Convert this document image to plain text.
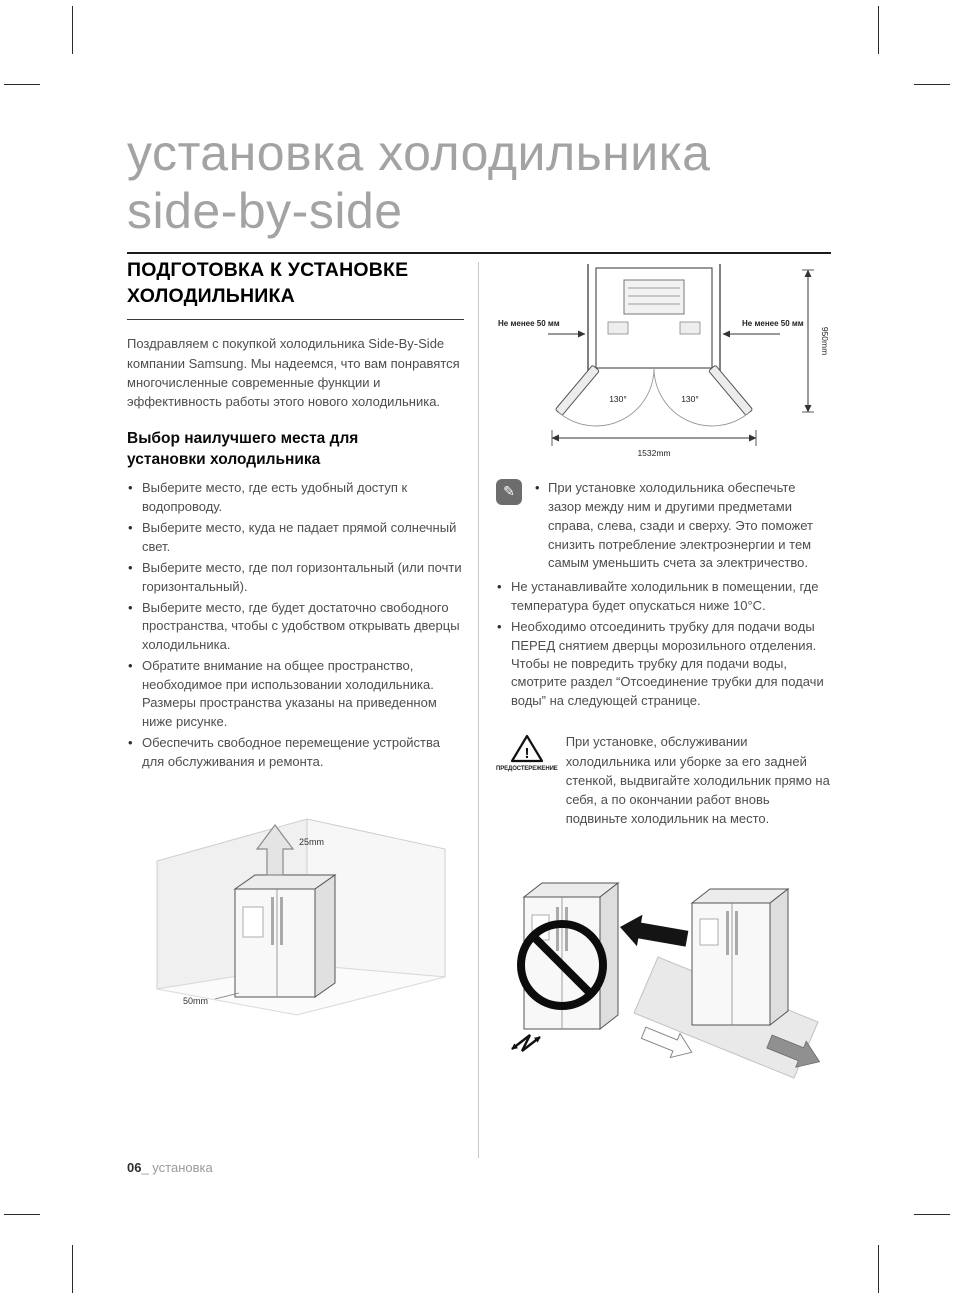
установка холодильника
side-by-side
ПОДГОТОВКА К УСТАНОВКЕ ХОЛОДИЛЬНИКА

Поздравляем с покупкой холодильника Side-By-Side компании Samsung. Мы надеемся, что вам понравятся многочисленные современные функции и эффективность работы этого нового холодильника.

Выбор наилучшего места для установки холодильника
• Выберите место, где есть удобный доступ к водопроводу.
• Выберите место, куда не падает прямой солнечный свет.
• Выберите место, где пол горизонтальный (или почти горизонтальный).
• Выберите место, где будет достаточно свободного пространства, чтобы с удобством открывать дверцы холодильника.
• Обратите внимание на общее пространство, необходимое при использовании холодильника. Размеры пространства указаны на приведенном ниже рисунке.
• Обеспечить свободное перемещение устройства для обслуживания и ремонта.
25mm
50mm
Не менее 50 мм	Не менее 50 мм
130°	130°
1532mm
950mm
✎	• При установке холодильника обеспечьте зазор между ним и другими предметами справа, слева, сзади и сверху. Это поможет снизить потребление электроэнергии и тем самым уменьшить счета за электричество.
• Не устанавливайте холодильник в помещении, где температура будет опускаться ниже 10°C.
• Необходимо отсоединить трубку для подачи воды ПЕРЕД снятием дверцы морозильного отделения. Чтобы не повредить трубку для подачи воды, смотрите раздел “Отсоединение трубки для подачи воды” на следующей странице.
!
ПРЕДОСТЕРЕЖЕНИЕ

При установке, обслуживании холодильника или уборке за его задней стенкой, выдвигайте холодильник прямо на себя, а по окончании работ вновь подвиньте холодильник на место.

06_ установка
